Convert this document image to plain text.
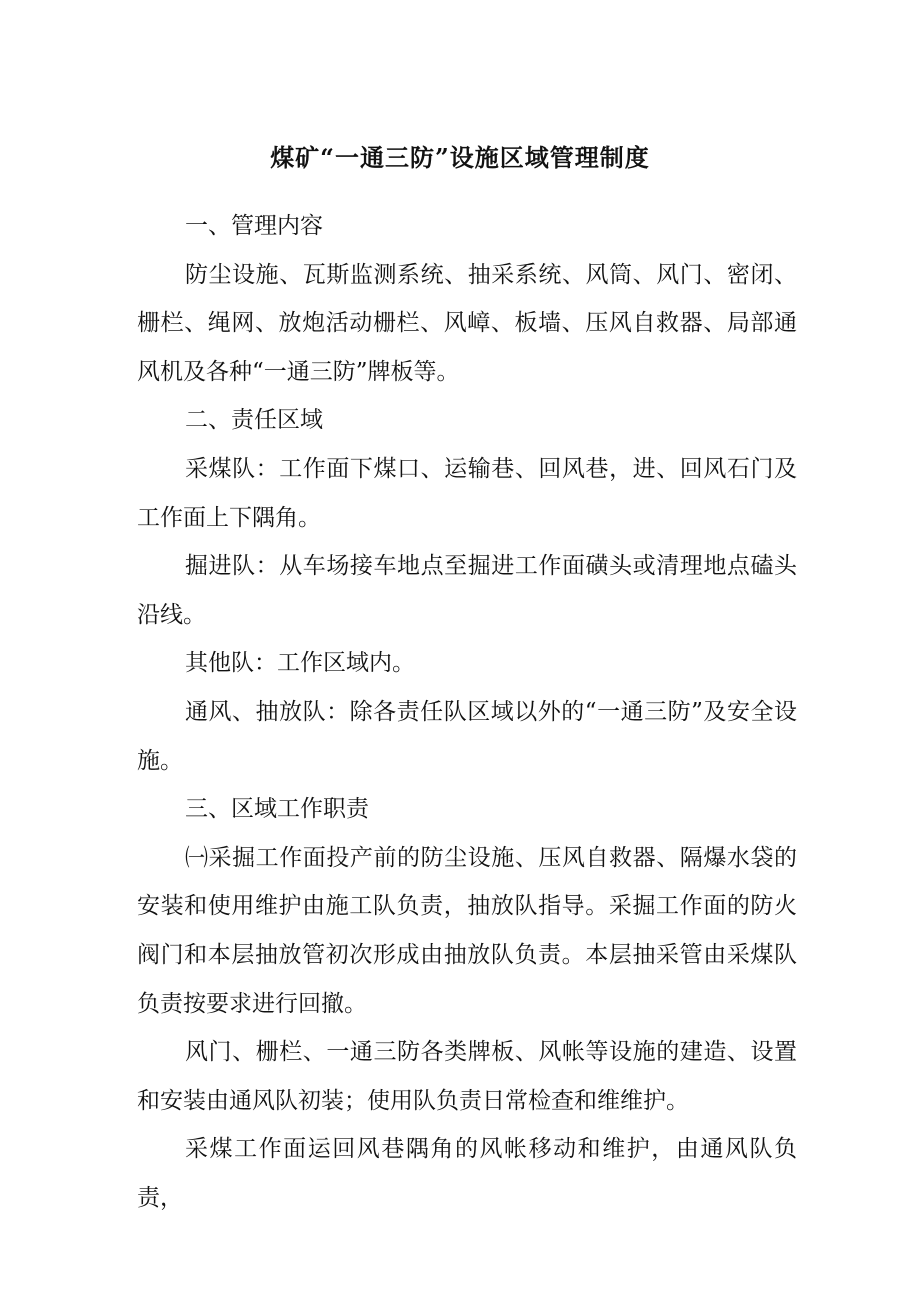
煤矿“一通三防”设施区域管理制度

一、管理内容

防尘设施、瓦斯监测系统、抽采系统、风筒、风门、密闭、栅栏、绳网、放炮活动栅栏、风嶂、板墙、压风自救器、局部通风机及各种“一通三防”牌板等。

二、责任区域

采煤队：工作面下煤口、运输巷、回风巷，进、回风石门及工作面上下隅角。

掘进队：从车场接车地点至掘进工作面磺头或清理地点磕头沿线。

其他队：工作区域内。

通风、抽放队：除各责任队区域以外的“一通三防”及安全设施。

三、区域工作职责

㈠采掘工作面投产前的防尘设施、压风自救器、隔爆水袋的安装和使用维护由施工队负责，抽放队指导。采掘工作面的防火阀门和本层抽放管初次形成由抽放队负责。本层抽采管由采煤队负责按要求进行回撤。

风门、栅栏、一通三防各类牌板、风帐等设施的建造、设置和安装由通风队初装；使用队负责日常检查和维维护。

采煤工作面运回风巷隅角的风帐移动和维护，由通风队负责，
